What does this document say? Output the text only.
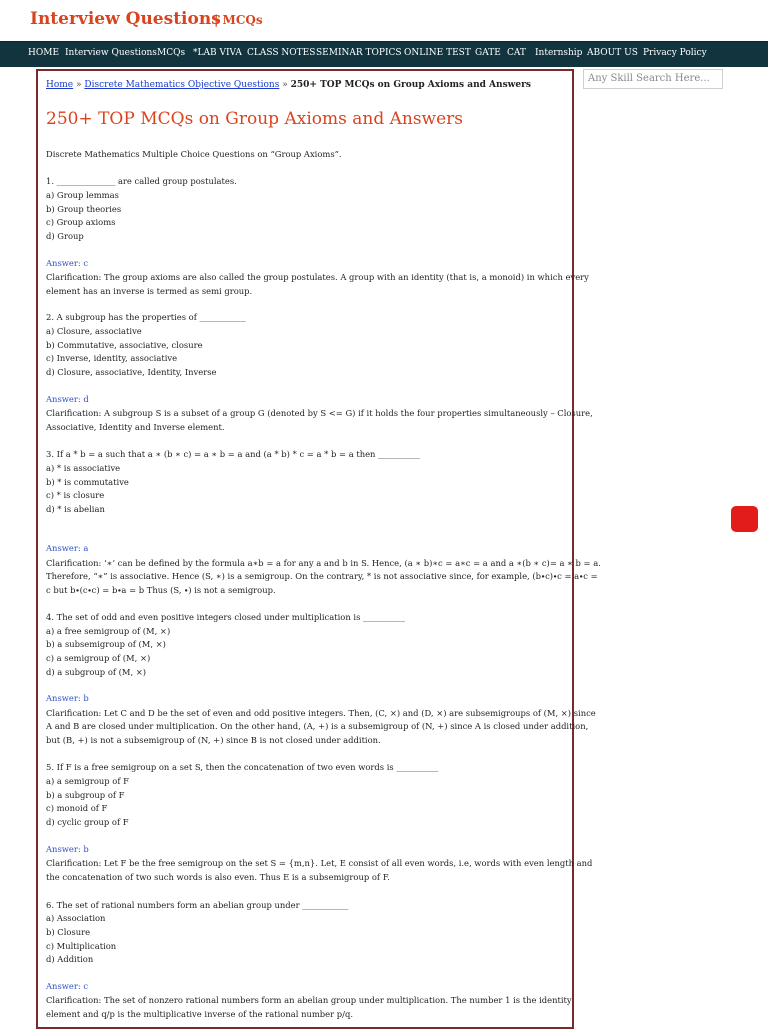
Interview Questions
| MCQs
HOME Interview Questions MCQs *LAB VIVA CLASS NOTES SEMINAR TOPICS ONLINE TEST GATE CAT Internship ABOUT US Privacy Policy
Any Skill Search Here...
Home » Discrete Mathematics Objective Questions » 250+ TOP MCQs on Group Axioms and Answers
250+ TOP MCQs on Group Axioms and Answers
Discrete Mathematics Multiple Choice Questions on “Group Axioms”.
1. ______________ are called group postulates.
a) Group lemmas
b) Group theories
c) Group axioms
d) Group
Answer: c
Clarification: The group axioms are also called the group postulates. A group with an identity (that is, a monoid) in which every
element has an inverse is termed as semi group.
2. A subgroup has the properties of ___________
a) Closure, associative
b) Commutative, associative, closure
c) Inverse, identity, associative
d) Closure, associative, Identity, Inverse
Answer: d
Clarification: A subgroup S is a subset of a group G (denoted by S <= G) if it holds the four properties simultaneously – Closure,
Associative, Identity and Inverse element.
3. If a * b = a such that a ∗ (b ∗ c) = a ∗ b = a and (a * b) * c = a * b = a then __________
a) * is associative
b) * is commutative
c) * is closure
d) * is abelian
Answer: a
Clarification: ‘∗’ can be defined by the formula a∗b = a for any a and b in S. Hence, (a ∗ b)∗c = a∗c = a and a ∗(b ∗ c)= a ∗ b = a.
Therefore, “∗” is associative. Hence (S, ∗) is a semigroup. On the contrary, * is not associative since, for example, (b∙c)∙c = a∙c =
c but b∙(c∙c) = b∙a = b Thus (S, ∙) is not a semigroup.
4. The set of odd and even positive integers closed under multiplication is __________
a) a free semigroup of (M, ×)
b) a subsemigroup of (M, ×)
c) a semigroup of (M, ×)
d) a subgroup of (M, ×)
Answer: b
Clarification: Let C and D be the set of even and odd positive integers. Then, (C, ×) and (D, ×) are subsemigroups of (M, ×) since
A and B are closed under multiplication. On the other hand, (A, +) is a subsemigroup of (N, +) since A is closed under addition,
but (B, +) is not a subsemigroup of (N, +) since B is not closed under addition.
5. If F is a free semigroup on a set S, then the concatenation of two even words is __________
a) a semigroup of F
b) a subgroup of F
c) monoid of F
d) cyclic group of F
Answer: b
Clarification: Let F be the free semigroup on the set S = {m,n}. Let, E consist of all even words, i.e, words with even length and
the concatenation of two such words is also even. Thus E is a subsemigroup of F.
6. The set of rational numbers form an abelian group under ___________
a) Association
b) Closure
c) Multiplication
d) Addition
Answer: c
Clarification: The set of nonzero rational numbers form an abelian group under multiplication. The number 1 is the identity
element and q/p is the multiplicative inverse of the rational number p/q.
